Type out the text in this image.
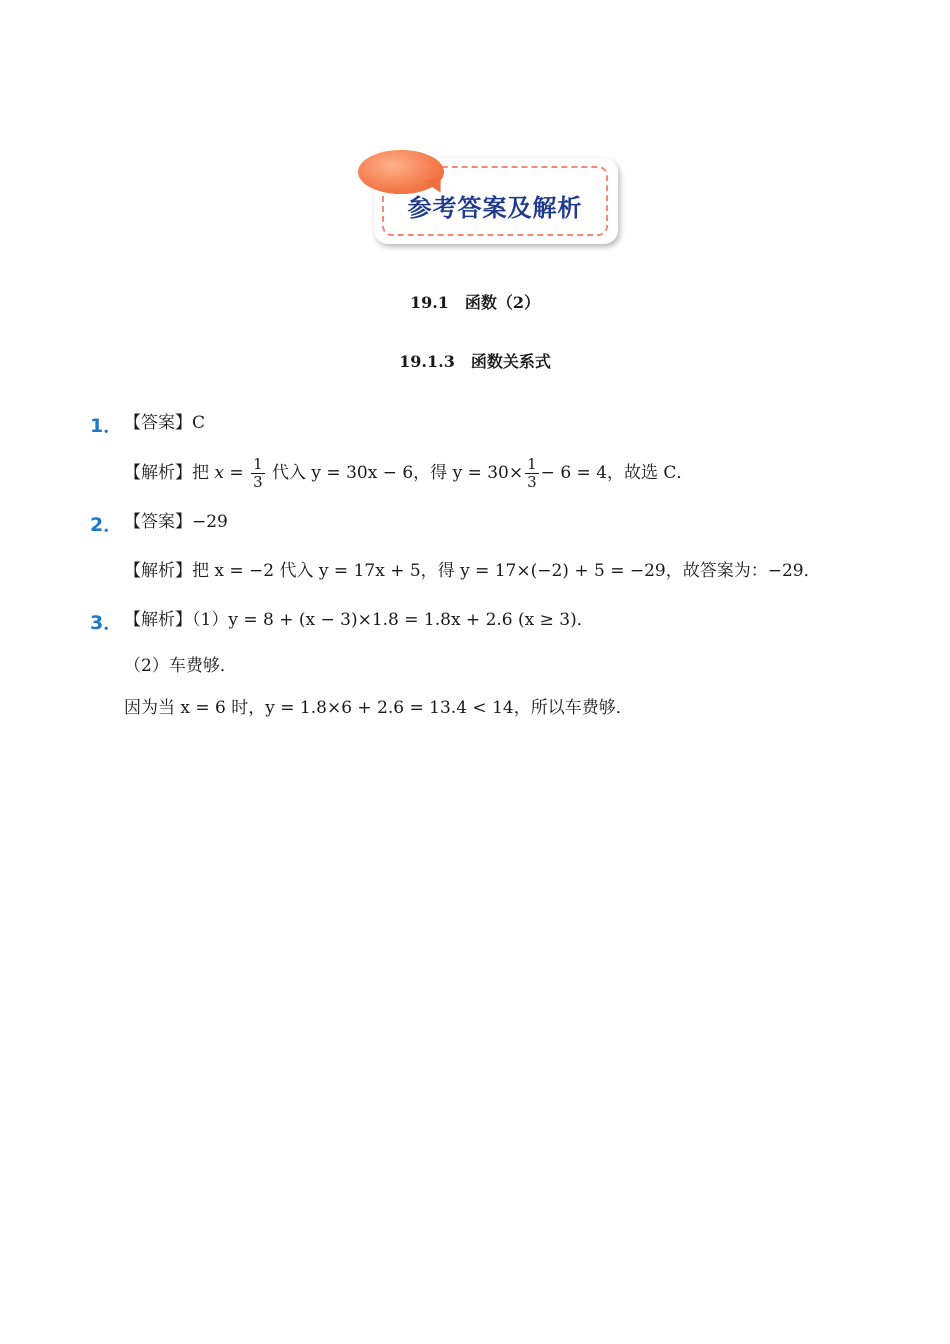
参考答案及解析
19.1　函数（2）
19.1.3　函数关系式
1． 【答案】C
【解析】把 $x = \frac{1}{3}$ 代入 y = 30x − 6，得 $y = 30\times \frac{1}{3} - 6 = 4$，故选 C．
2． 【答案】−29
【解析】把 x = −2 代入 y = 17x + 5，得 y = 17×(−2) + 5 = −29，故答案为：−29．
3． 【解析】（1）y = 8 + (x − 3)×1.8 = 1.8x + 2.6 (x ≥ 3)．
（2）车费够．
因为当 x = 6 时，y = 1.8×6 + 2.6 = 13.4 < 14，所以车费够．
